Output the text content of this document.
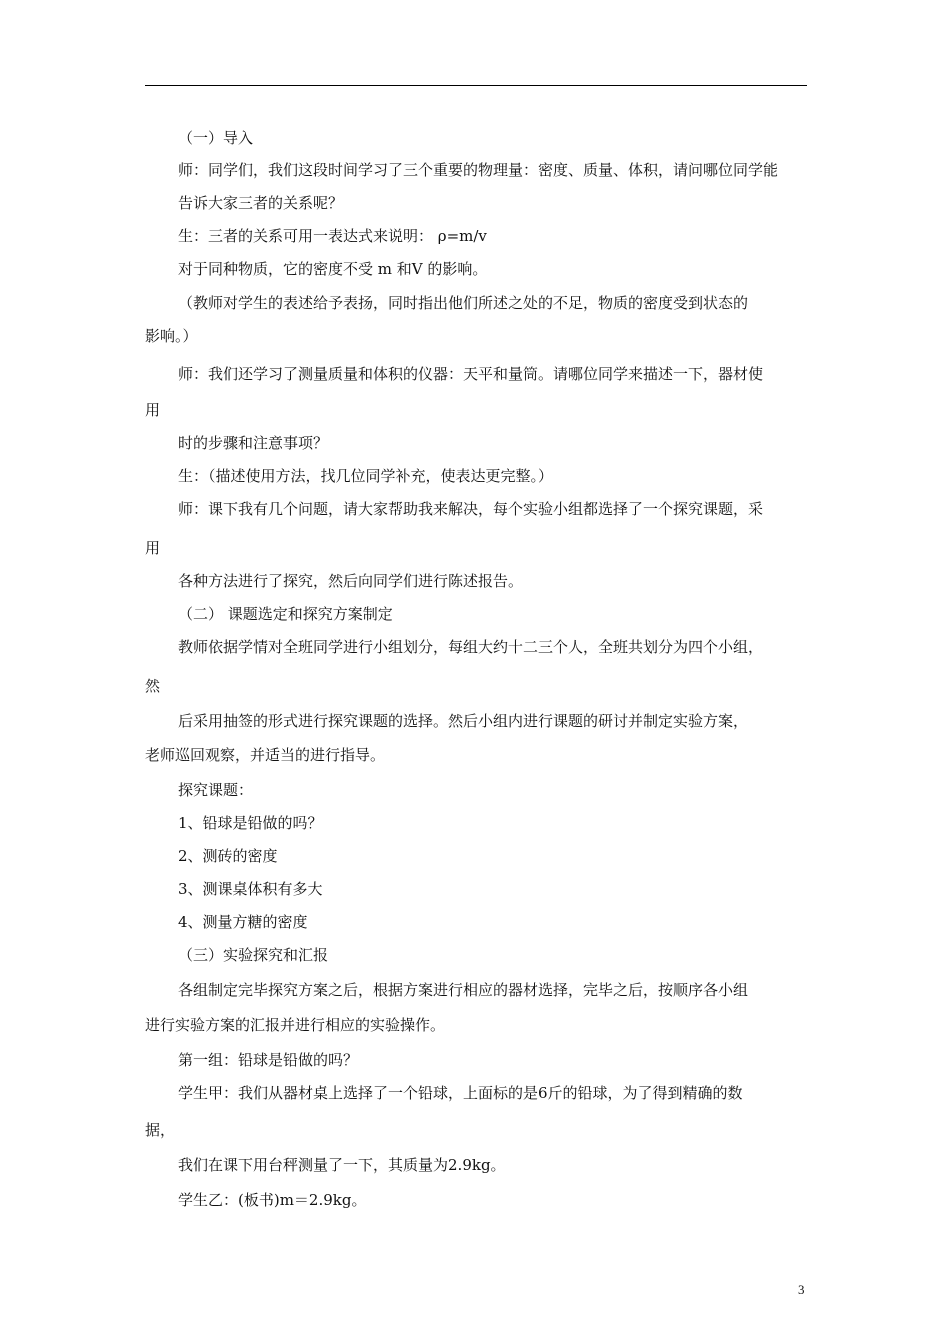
（一）导入
师：同学们，我们这段时间学习了三个重要的物理量：密度、质量、体积，请问哪位同学能
告诉大家三者的关系呢？
生：三者的关系可用一表达式来说明： ρ=m/v
对于同种物质，它的密度不受 m 和V 的影响。
（教师对学生的表述给予表扬，同时指出他们所述之处的不足，物质的密度受到状态的
影响。）
师：我们还学习了测量质量和体积的仪器：天平和量筒。请哪位同学来描述一下，器材使
用
时的步骤和注意事项？
生：（描述使用方法，找几位同学补充，使表达更完整。）
师：课下我有几个问题，请大家帮助我来解决，每个实验小组都选择了一个探究课题，采
用
各种方法进行了探究，然后向同学们进行陈述报告。
（二） 课题选定和探究方案制定
教师依据学情对全班同学进行小组划分，每组大约十二三个人，全班共划分为四个小组，
然
后采用抽签的形式进行探究课题的选择。然后小组内进行课题的研讨并制定实验方案，
老师巡回观察，并适当的进行指导。
探究课题：
1、铅球是铅做的吗？
2、测砖的密度
3、测课桌体积有多大
4、测量方糖的密度
（三）实验探究和汇报
各组制定完毕探究方案之后，根据方案进行相应的器材选择，完毕之后，按顺序各小组
进行实验方案的汇报并进行相应的实验操作。
第一组：铅球是铅做的吗？
学生甲：我们从器材桌上选择了一个铅球，上面标的是6斤的铅球，为了得到精确的数
据，
我们在课下用台秤测量了一下，其质量为2.9kg。
学生乙：(板书)m＝2.9kg。
3
